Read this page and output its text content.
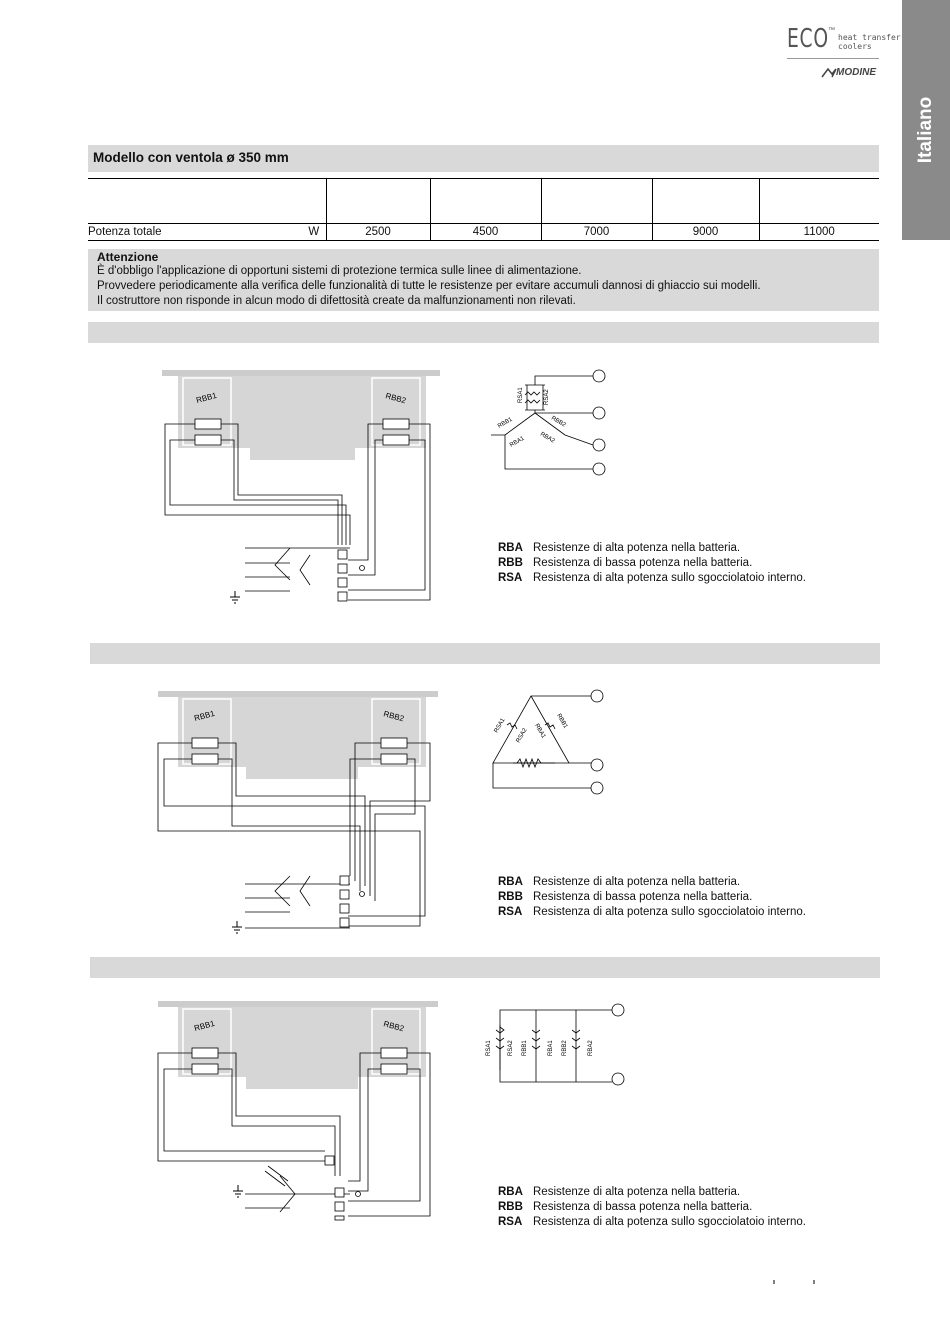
ECO ™
heat transfer
coolers
MODINE
Italiano
Modello con ventola ø 350 mm

Potenza totale	W	2500	4500	7000	9000	11000
Attenzione
È d'obbligo l'applicazione di opportuni sistemi di protezione termica sulle linee di alimentazione.
Provvedere periodicamente alla verifica delle funzionalità di tutte le resistenze per evitare accumuli dannosi di ghiaccio sui modelli.
Il costruttore non risponde in alcun modo di difettosità create da malfunzionamenti non rilevati.
RBB1	RBB2	RSA1	RSA2
RBB1	RBB2
RBA1 RBA2
RBA Resistenze di alta potenza nella batteria.
RBB Resistenza di bassa potenza nella batteria.
RSA Resistenza di alta potenza sullo sgocciolatoio interno.
RBB1	RBB2
RSA1
RSA2
RBB1
RBA1
RBA Resistenze di alta potenza nella batteria.
RBB Resistenza di bassa potenza nella batteria.
RSA Resistenza di alta potenza sullo sgocciolatoio interno.
RBB1	RBB2
RSA1	RSA2 RBB1	RBA1 RBB2	RBA2
RBA Resistenze di alta potenza nella batteria.
RBB Resistenza di bassa potenza nella batteria.
RSA Resistenza di alta potenza sullo sgocciolatoio interno.
